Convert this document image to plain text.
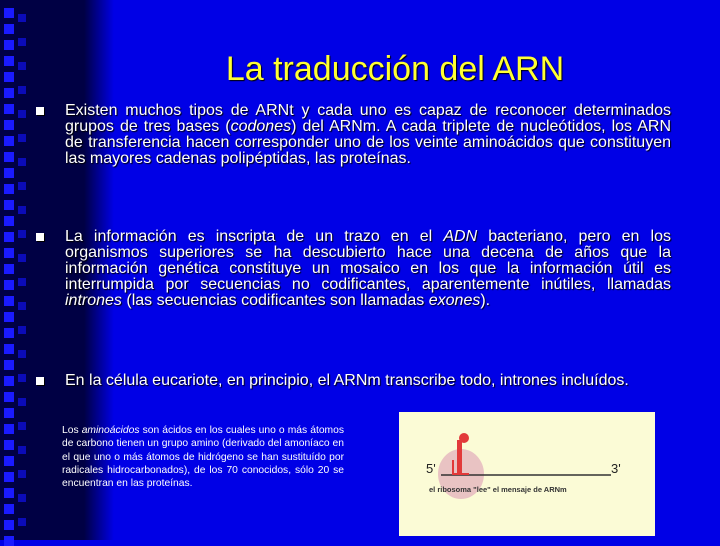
La traducción del ARN
Existen muchos tipos de ARNt y cada uno es capaz de reconocer determinados grupos de tres bases (codones) del ARNm. A cada triplete de nucleótidos, los ARN de transferencia hacen corresponder uno de los veinte aminoácidos que constituyen las mayores cadenas polipéptidas, las proteínas.
La información es inscripta de un trazo en el ADN bacteriano, pero en los organismos superiores se ha descubierto hace una decena de años que la información genética constituye un mosaico en los que la información útil es interrumpida por secuencias no codificantes, aparentemente inútiles, llamadas intrones (las secuencias codificantes son llamadas exones).
En la célula eucariote, en principio, el ARNm transcribe todo, intrones incluídos.
Los aminoácidos son ácidos en los cuales uno o más átomos de carbono tienen un grupo amino (derivado del amoníaco en el que uno o más átomos de hidrógeno se han sustituído por radicales hidrocarbonados), de los 70 conocidos, sólo 20 se encuentran en las proteínas.
5'	3'
el ribosoma "lee" el mensaje de ARNm
